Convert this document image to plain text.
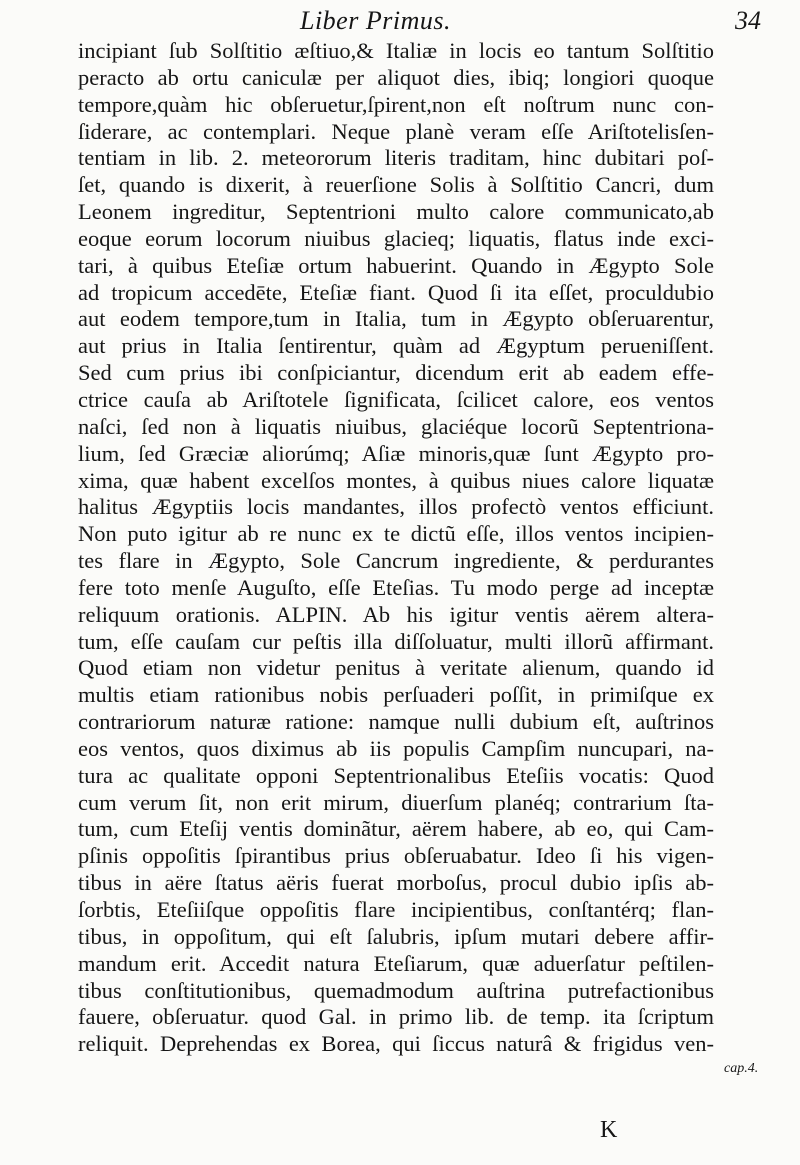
Liber Primus.	34
incipiant ſub Solſtitio æſtiuo,& Italiæ in locis eo tantum Solſtitio
peracto ab ortu caniculæ per aliquot dies, ibiq; longiori quoque
tempore,quàm hic obſeruetur,ſpirent,non eſt noſtrum nunc con-
ſiderare, ac contemplari. Neque planè veram eſſe Ariſtotelisſen-
tentiam in lib. 2. meteororum literis traditam, hinc dubitari poſ-
ſet, quando is dixerit, à reuerſione Solis à Solſtitio Cancri, dum
Leonem ingreditur, Septentrioni multo calore communicato,ab
eoque eorum locorum niuibus glacieq; liquatis, flatus inde exci-
tari, à quibus Eteſiæ ortum habuerint. Quando in Ægypto Sole
ad tropicum accedēte, Eteſiæ fiant. Quod ſi ita eſſet, proculdubio
aut eodem tempore,tum in Italia, tum in Ægypto obſeruarentur,
aut prius in Italia ſentirentur, quàm ad Ægyptum perueniſſent.
Sed cum prius ibi conſpiciantur, dicendum erit ab eadem effe-
ctrice cauſa ab Ariſtotele ſignificata, ſcilicet calore, eos ventos
naſci, ſed non à liquatis niuibus, glaciéque locorũ Septentriona-
lium, ſed Græciæ aliorúmq; Aſiæ minoris,quæ ſunt Ægypto pro-
xima, quæ habent excelſos montes, à quibus niues calore liquatæ
halitus Ægyptiis locis mandantes, illos profectò ventos efficiunt.
Non puto igitur ab re nunc ex te dictũ eſſe, illos ventos incipien-
tes flare in Ægypto, Sole Cancrum ingrediente, & perdurantes
fere toto menſe Auguſto, eſſe Eteſias. Tu modo perge ad inceptæ
reliquum orationis. ALPIN. Ab his igitur ventis aërem altera-
tum, eſſe cauſam cur peſtis illa diſſoluatur, multi illorũ affirmant.
Quod etiam non videtur penitus à veritate alienum, quando id
multis etiam rationibus nobis perſuaderi poſſit, in primiſque ex
contrariorum naturæ ratione: namque nulli dubium eſt, auſtrinos
eos ventos, quos diximus ab iis populis Campſim nuncupari, na-
tura ac qualitate opponi Septentrionalibus Eteſiis vocatis: Quod
cum verum ſit, non erit mirum, diuerſum planéq; contrarium ſta-
tum, cum Eteſij ventis dominãtur, aërem habere, ab eo, qui Cam-
pſinis oppoſitis ſpirantibus prius obſeruabatur. Ideo ſi his vigen-
tibus in aëre ſtatus aëris fuerat morboſus, procul dubio ipſis ab-
ſorbtis, Eteſiiſque oppoſitis flare incipientibus, conſtantérq; flan-
tibus, in oppoſitum, qui eſt ſalubris, ipſum mutari debere affir-
mandum erit. Accedit natura Eteſiarum, quæ aduerſatur peſtilen-
tibus conſtitutionibus, quemadmodum auſtrina putrefactionibus
fauere, obſeruatur. quod Gal. in primo lib. de temp. ita ſcriptum
reliquit. Deprehendas ex Borea, qui ſiccus naturâ & frigidus ven-
cap.4.
K
